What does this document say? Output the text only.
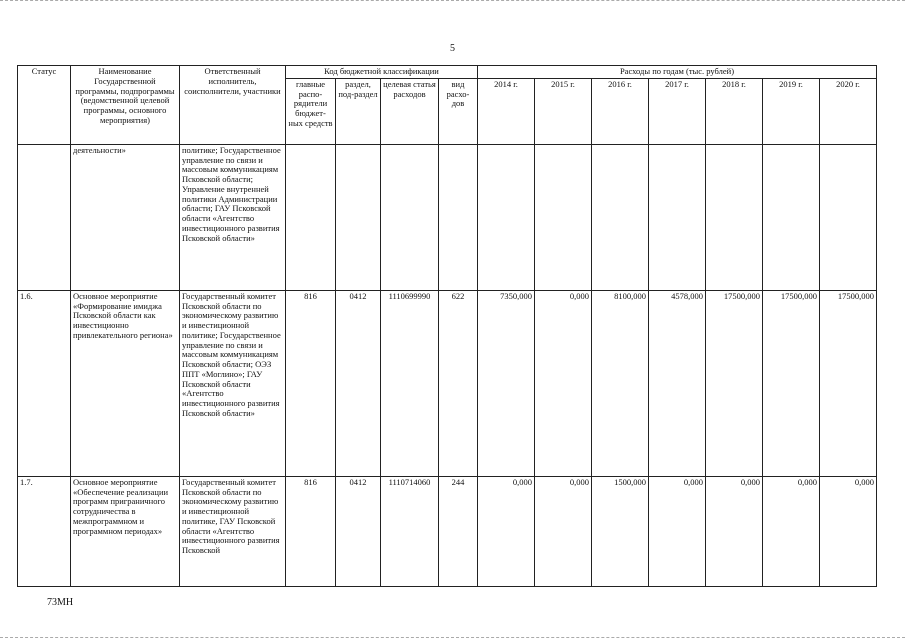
5
Статус	Наименование Государственной программы, подпрограммы (ведомственной целевой программы, основного мероприятия)	Ответственный исполнитель, соисполнители, участники	Код бюджетной классификации				Расходы по годам (тыс. рублей)						
			главные распо-рядители бюджет-ных средств	раздел, под-раздел	целевая статья расходов	вид расхо-дов	2014 г.	2015 г.	2016 г.	2017 г.	2018 г.	2019 г.	2020 г.
	деятельности»	политике; Государственное управление по связи и массовым коммуникациям Псковской области; Управление внутренней политики Администрации области; ГАУ Псковской области «Агентство инвестиционного развития Псковской области»											
1.6.	Основное мероприятие «Формирование имиджа Псковской области как инвестиционно привлекательного региона»	Государственный комитет Псковской области по экономическому развитию и инвестиционной политике; Государственное управление по связи и массовым коммуникациям Псковской области; ОЭЗ ППТ «Моглино»; ГАУ Псковской области «Агентство инвестиционного развития Псковской области»	816	0412	1110699990	622	7350,000	0,000	8100,000	4578,000	17500,000	17500,000	17500,000
1.7.	Основное мероприятие «Обеспечение реализации программ приграничного сотрудничества в межпрограммном и программном периодах»	Государственный комитет Псковской области по экономическому развитию и инвестиционной политике, ГАУ Псковской области «Агентство инвестиционного развития Псковской	816	0412	1110714060	244	0,000	0,000	1500,000	0,000	0,000	0,000	0,000
73МН
